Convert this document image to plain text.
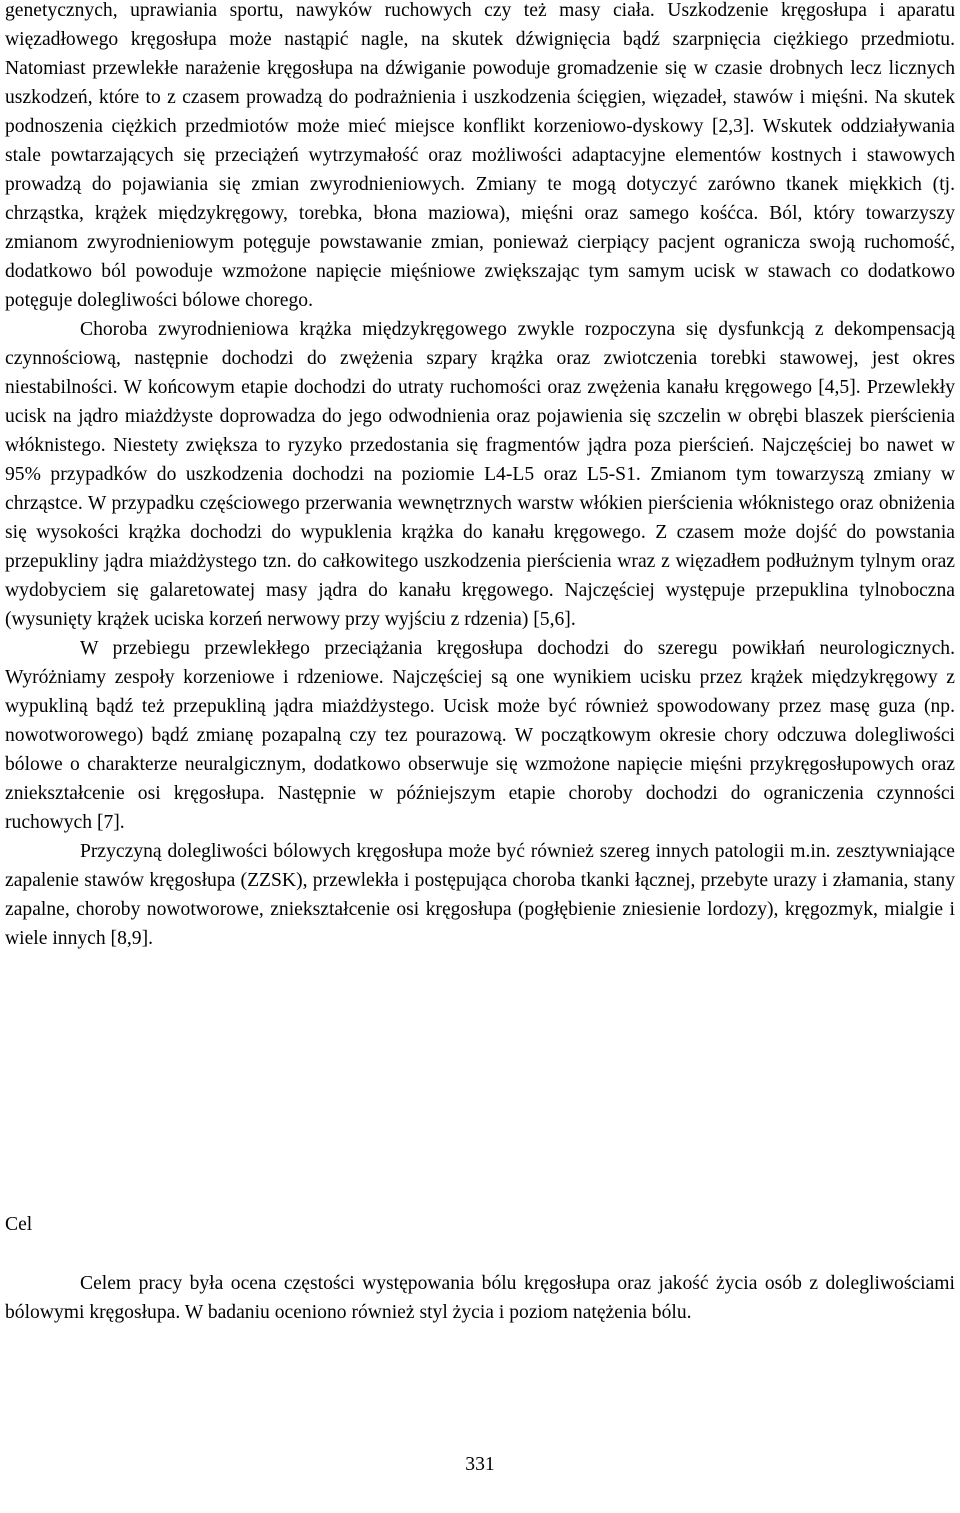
genetycznych, uprawiania sportu, nawyków ruchowych czy też masy ciała. Uszkodzenie kręgosłupa i aparatu więzadłowego kręgosłupa może nastąpić nagle, na skutek dźwignięcia bądź szarpnięcia ciężkiego przedmiotu. Natomiast przewlekłe narażenie kręgosłupa na dźwiganie powoduje gromadzenie się w czasie drobnych lecz licznych uszkodzeń, które to z czasem prowadzą do podrażnienia i uszkodzenia ścięgien, więzadeł, stawów i mięśni. Na skutek podnoszenia ciężkich przedmiotów może mieć miejsce konflikt korzeniowo-dyskowy [2,3]. Wskutek oddziaływania stale powtarzających się przeciążeń wytrzymałość oraz możliwości adaptacyjne elementów kostnych i stawowych prowadzą do pojawiania się zmian zwyrodnieniowych. Zmiany te mogą dotyczyć zarówno tkanek miękkich (tj. chrząstka, krążek międzykręgowy, torebka, błona maziowa), mięśni oraz samego kośćca. Ból, który towarzyszy zmianom zwyrodnieniowym potęguje powstawanie zmian, ponieważ cierpiący pacjent ogranicza swoją ruchomość, dodatkowo ból powoduje wzmożone napięcie mięśniowe zwiększając tym samym ucisk w stawach co dodatkowo potęguje dolegliwości bólowe chorego.

Choroba zwyrodnieniowa krążka międzykręgowego zwykle rozpoczyna się dysfunkcją z dekompensacją czynnościową, następnie dochodzi do zwężenia szpary krążka oraz zwiotczenia torebki stawowej, jest okres niestabilności. W końcowym etapie dochodzi do utraty ruchomości oraz zwężenia kanału kręgowego [4,5]. Przewlekły ucisk na jądro miażdżyste doprowadza do jego odwodnienia oraz pojawienia się szczelin w obrębi blaszek pierścienia włóknistego. Niestety zwiększa to ryzyko przedostania się fragmentów jądra poza pierścień. Najczęściej bo nawet w 95% przypadków do uszkodzenia dochodzi na poziomie L4-L5 oraz L5-S1. Zmianom tym towarzyszą zmiany w chrząstce. W przypadku częściowego przerwania wewnętrznych warstw włókien pierścienia włóknistego oraz obniżenia się wysokości krążka dochodzi do wypuklenia krążka do kanału kręgowego. Z czasem może dojść do powstania przepukliny jądra miażdżystego tzn. do całkowitego uszkodzenia pierścienia wraz z więzadłem podłużnym tylnym oraz wydobyciem się galaretowatej masy jądra do kanału kręgowego. Najczęściej występuje przepuklina tylnoboczna (wysunięty krążek uciska korzeń nerwowy przy wyjściu z rdzenia) [5,6].

W przebiegu przewlekłego przeciążania kręgosłupa dochodzi do szeregu powikłań neurologicznych. Wyróżniamy zespoły korzeniowe i rdzeniowe. Najczęściej są one wynikiem ucisku przez krążek międzykręgowy z wypukliną bądź też przepukliną jądra miażdżystego. Ucisk może być również spowodowany przez masę guza (np. nowotworowego) bądź zmianę pozapalną czy tez pourazową. W początkowym okresie chory odczuwa dolegliwości bólowe o charakterze neuralgicznym, dodatkowo obserwuje się wzmożone napięcie mięśni przykręgosłupowych oraz zniekształcenie osi kręgosłupa. Następnie w późniejszym etapie choroby dochodzi do ograniczenia czynności ruchowych [7].

Przyczyną dolegliwości bólowych kręgosłupa może być również szereg innych patologii m.in. zesztywniające zapalenie stawów kręgosłupa (ZZSK), przewlekła i postępująca choroba tkanki łącznej, przebyte urazy i złamania, stany zapalne, choroby nowotworowe, zniekształcenie osi kręgosłupa (pogłębienie zniesienie lordozy), kręgozmyk, mialgie i wiele innych [8,9].

Cel

Celem pracy była ocena częstości występowania bólu kręgosłupa oraz jakość życia osób z dolegliwościami bólowymi kręgosłupa. W badaniu oceniono również styl życia i poziom natężenia bólu.

331
